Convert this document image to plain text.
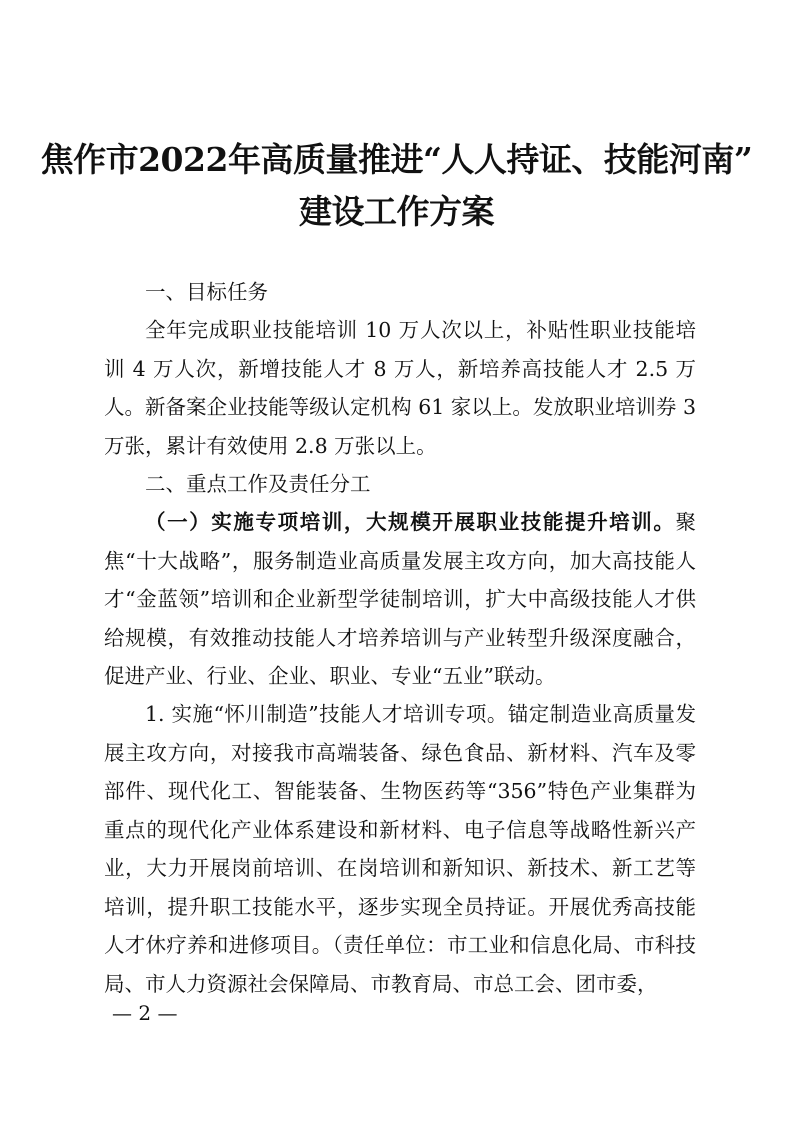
焦作市2022年高质量推进“人人持证、技能河南”
建设工作方案

一、目标任务

全年完成职业技能培训 10 万人次以上，补贴性职业技能培训 4 万人次，新增技能人才 8 万人，新培养高技能人才 2.5 万人。新备案企业技能等级认定机构 61 家以上。发放职业培训券 3 万张，累计有效使用 2.8 万张以上。

二、重点工作及责任分工

（一）实施专项培训，大规模开展职业技能提升培训。聚焦“十大战略”，服务制造业高质量发展主攻方向，加大高技能人才“金蓝领”培训和企业新型学徒制培训，扩大中高级技能人才供给规模，有效推动技能人才培养培训与产业转型升级深度融合，促进产业、行业、企业、职业、专业“五业”联动。

1. 实施“怀川制造”技能人才培训专项。锚定制造业高质量发展主攻方向，对接我市高端装备、绿色食品、新材料、汽车及零部件、现代化工、智能装备、生物医药等“356”特色产业集群为重点的现代化产业体系建设和新材料、电子信息等战略性新兴产业，大力开展岗前培训、在岗培训和新知识、新技术、新工艺等培训，提升职工技能水平，逐步实现全员持证。开展优秀高技能人才休疗养和进修项目。（责任单位：市工业和信息化局、市科技局、市人力资源社会保障局、市教育局、市总工会、团市委，

— 2 —
